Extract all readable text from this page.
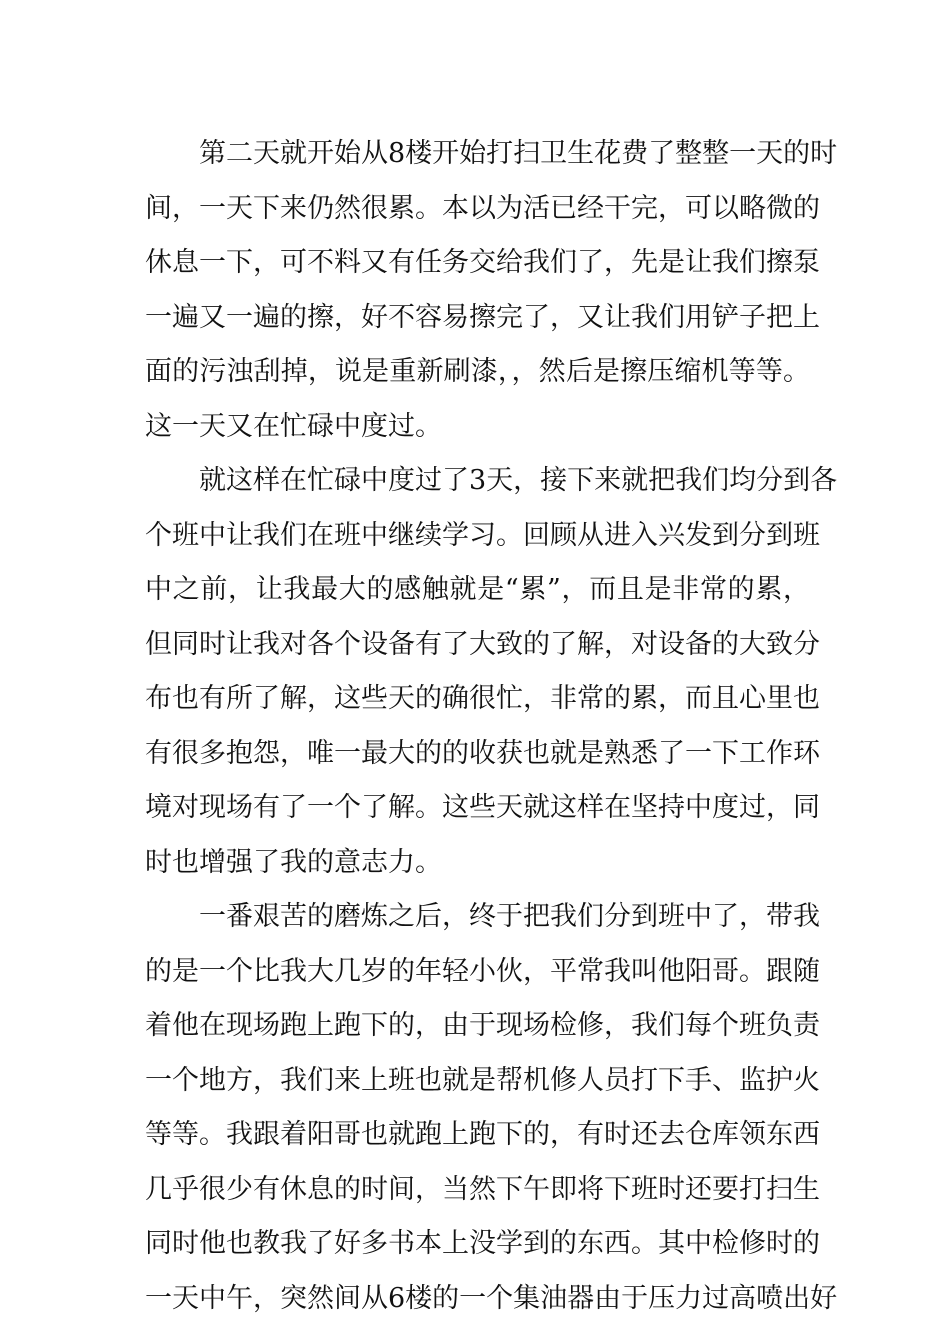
第二天就开始从8楼开始打扫卫生花费了整整一天的时
间，一天下来仍然很累。本以为活已经干完，可以略微的
休息一下，可不料又有任务交给我们了，先是让我们擦泵
一遍又一遍的擦，好不容易擦完了，又让我们用铲子把上
面的污浊刮掉，说是重新刷漆，，然后是擦压缩机等等。
这一天又在忙碌中度过。
就这样在忙碌中度过了3天，接下来就把我们均分到各
个班中让我们在班中继续学习。回顾从进入兴发到分到班
中之前，让我最大的感触就是“累”，而且是非常的累，
但同时让我对各个设备有了大致的了解，对设备的大致分
布也有所了解，这些天的确很忙，非常的累，而且心里也
有很多抱怨，唯一最大的的收获也就是熟悉了一下工作环
境对现场有了一个了解。这些天就这样在坚持中度过，同
时也增强了我的意志力。
一番艰苦的磨炼之后，终于把我们分到班中了，带我
的是一个比我大几岁的年轻小伙，平常我叫他阳哥。跟随
着他在现场跑上跑下的，由于现场检修，我们每个班负责
一个地方，我们来上班也就是帮机修人员打下手、监护火
等等。我跟着阳哥也就跑上跑下的，有时还去仓库领东西
几乎很少有休息的时间，当然下午即将下班时还要打扫生
同时他也教我了好多书本上没学到的东西。其中检修时的
一天中午，突然间从6楼的一个集油器由于压力过高喷出好
